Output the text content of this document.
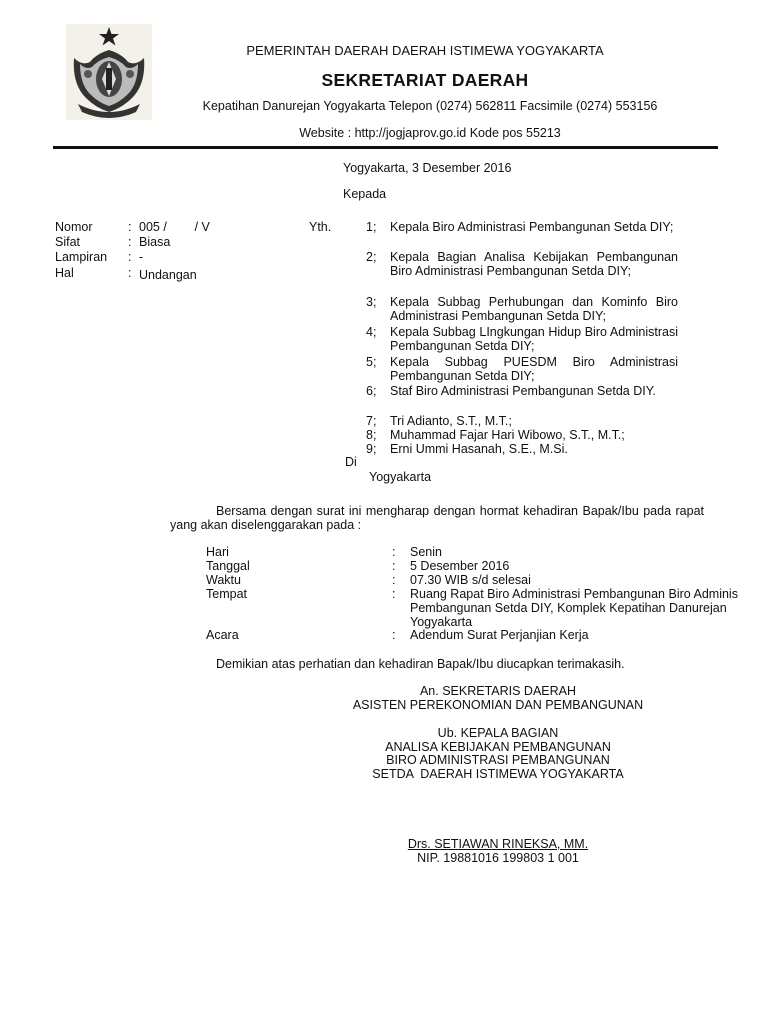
PEMERINTAH DAERAH DAERAH ISTIMEWA YOGYAKARTA
SEKRETARIAT DAERAH
Kepatihan Danurejan Yogyakarta Telepon (0274) 562811 Facsimile (0274) 553156
Website : http://jogjaprov.go.id Kode pos 55213
Yogyakarta, 3 Desember 2016
Kepada
Nomor	: 005 /        / V
Sifat	: Biasa
Lampiran : -
Hal	: Undangan
Yth.	1; Kepala Biro Administrasi Pembangunan Setda DIY;
2; Kepala Bagian Analisa Kebijakan Pembangunan Biro Administrasi Pembangunan Setda DIY;
3; Kepala Subbag Perhubungan dan Kominfo Biro Administrasi Pembangunan Setda DIY;
4; Kepala Subbag LIngkungan Hidup Biro Administrasi Pembangunan Setda DIY;
5; Kepala Subbag PUESDM Biro Administrasi Pembangunan Setda DIY;
6; Staf Biro Administrasi Pembangunan Setda DIY.
7; Tri Adianto, S.T., M.T.;
8; Muhammad Fajar Hari Wibowo, S.T., M.T.;
9; Erni Ummi Hasanah, S.E., M.Si.
Di
Yogyakarta
Bersama dengan surat ini mengharap dengan hormat kehadiran Bapak/Ibu pada rapat yang akan diselenggarakan pada :
Hari	: Senin
Tanggal	: 5 Desember 2016
Waktu	: 07.30 WIB s/d selesai
Tempat	: Ruang Rapat Biro Administrasi Pembangunan Biro Adminis
Pembangunan Setda DIY, Komplek Kepatihan Danurejan
Yogyakarta
Acara	: Adendum Surat Perjanjian Kerja
Demikian atas perhatian dan kehadiran Bapak/Ibu diucapkan terimakasih.
An. SEKRETARIS DAERAH
ASISTEN PEREKONOMIAN DAN PEMBANGUNAN
Ub. KEPALA BAGIAN
ANALISA KEBIJAKAN PEMBANGUNAN
BIRO ADMINISTRASI PEMBANGUNAN
SETDA  DAERAH ISTIMEWA YOGYAKARTA
Drs. SETIAWAN RINEKSA, MM.
NIP. 19881016 199803 1 001
